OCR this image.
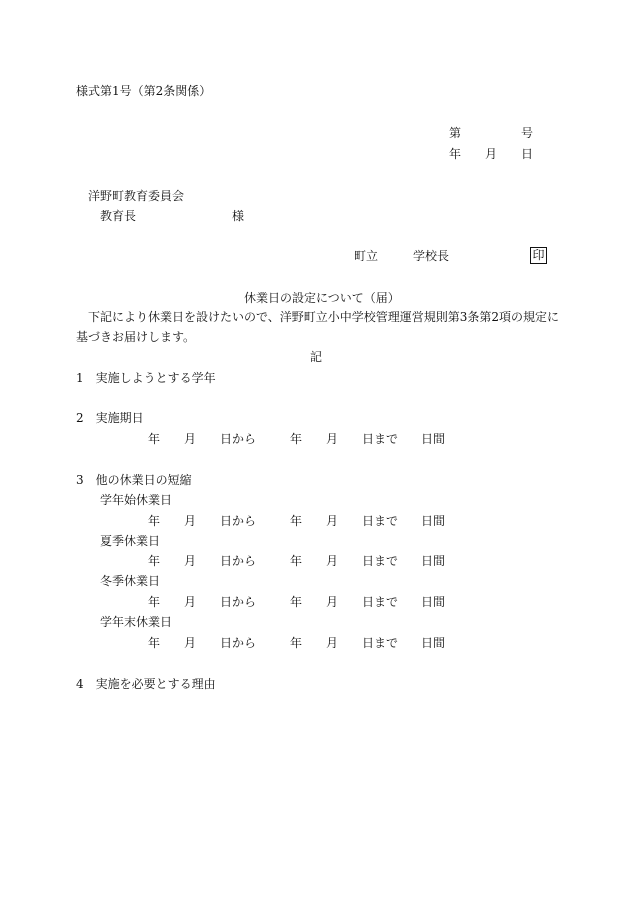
様式第1号（第2条関係）
第	号
年 月 日
洋野町教育委員会
教育長	様
町立	学校長	印
休業日の設定について（届）
下記により休業日を設けたいので、洋野町立小中学校管理運営規則第3条第2項の規定に
基づきお届けします。
記
1　実施しようとする学年
2　実施期日
年 月 日から	年 月 日まで 日間
3　他の休業日の短縮
学年始休業日
年 月 日から	年 月 日まで 日間
夏季休業日
年 月 日から	年 月 日まで 日間
冬季休業日
年 月 日から	年 月 日まで 日間
学年末休業日
年 月 日から	年 月 日まで 日間
4　実施を必要とする理由
